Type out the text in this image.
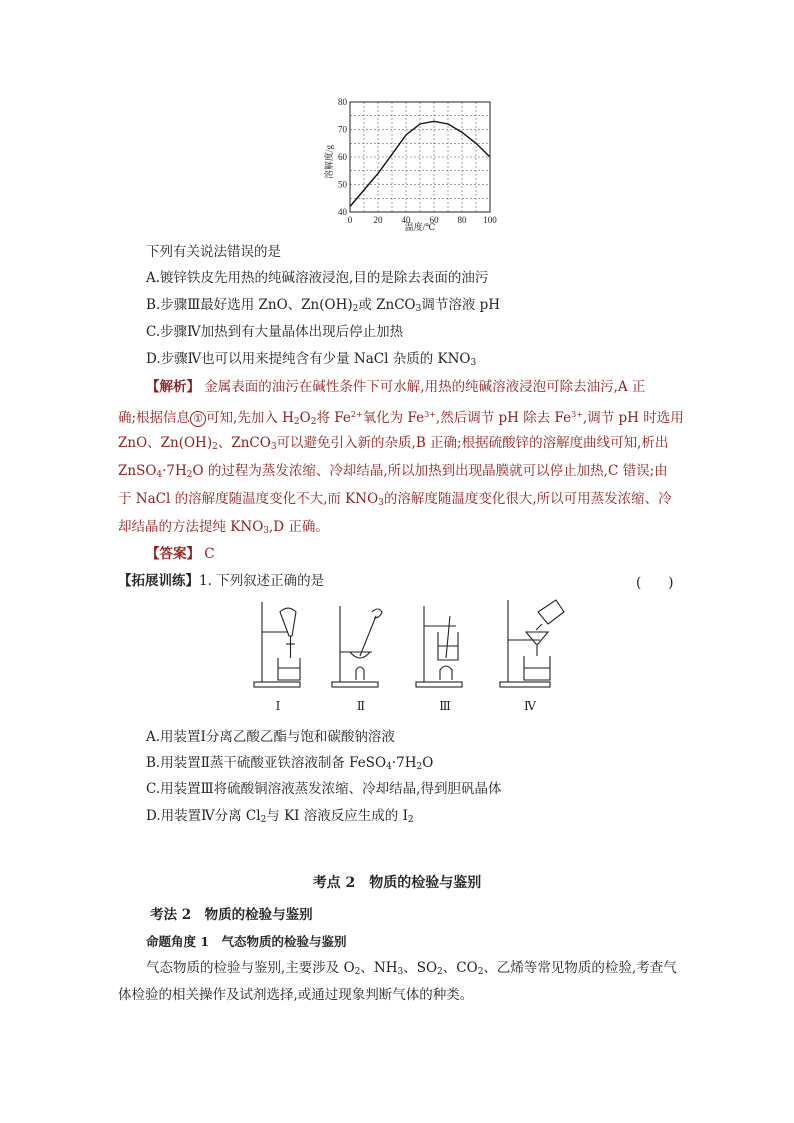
40
50
60
70
80
0 20 40 60 80 100
溶解度/g
温度/℃
下列有关说法错误的是
A.镀锌铁皮先用热的纯碱溶液浸泡,目的是除去表面的油污
B.步骤Ⅲ最好选用 ZnO、$Zn(OH)_2$或 ZnCO$_3$调节溶液 pH
C.步骤Ⅳ加热到有大量晶体出现后停止加热
D.步骤Ⅳ也可以用来提纯含有少量 NaCl 杂质的 $KNO_3$
【解析】 金属表面的油污在碱性条件下可水解,用热的纯碱溶液浸泡可除去油污,A 正
确;根据信息 ① 可知,先加入 $H_2O_2$将 $Fe^{2+}$氧化为 $Fe^{3+}$,然后调节 pH 除去 $Fe^{3+}$,调节 pH 时选用
ZnO、$Zn(OH)_2$、ZnCO$_3$可以避免引入新的杂质,B 正确;根据硫酸锌的溶解度曲线可知,析出
$ZnSO_4\cdot 7H_2O$ 的过程为蒸发浓缩、冷却结晶,所以加热到出现晶膜就可以停止加热,C 错误;由
于 NaCl 的溶解度随温度变化不大,而 $KNO_3$的溶解度随温度变化很大,所以可用蒸发浓缩、冷
却结晶的方法提纯 $KNO_3,D$ 正确。
【答案】 C
【拓展训练】1. 下列叙述正确的是	(　　)
Ⅰ	Ⅱ	Ⅲ	Ⅳ
A.用装置Ⅰ分离乙酸乙酯与饱和碳酸钠溶液
B.用装置Ⅱ蒸干硫酸亚铁溶液制备 $FeSO_4\cdot 7H_2O$
C.用装置Ⅲ将硫酸铜溶液蒸发浓缩、冷却结晶,得到胆矾晶体
D.用装置Ⅳ分离 $Cl_2$与 KI 溶液反应生成的 $I_2$
考点 2　物质的检验与鉴别
考法 2　物质的检验与鉴别
命题角度 1　气态物质的检验与鉴别
气态物质的检验与鉴别,主要涉及 $O_2$、$NH_3$、$SO_2$、$CO_2$、乙烯等常见物质的检验,考查气
体检验的相关操作及试剂选择,或通过现象判断气体的种类。
